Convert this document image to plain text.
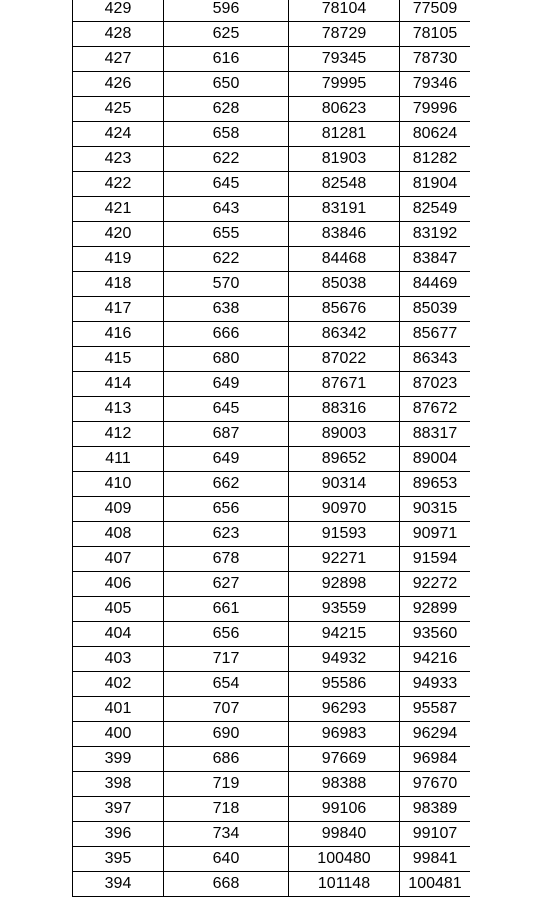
429	596	78104	77509
428	625	78729	78105
427	616	79345	78730
426	650	79995	79346
425	628	80623	79996
424	658	81281	80624
423	622	81903	81282
422	645	82548	81904
421	643	83191	82549
420	655	83846	83192
419	622	84468	83847
418	570	85038	84469
417	638	85676	85039
416	666	86342	85677
415	680	87022	86343
414	649	87671	87023
413	645	88316	87672
412	687	89003	88317
411	649	89652	89004
410	662	90314	89653
409	656	90970	90315
408	623	91593	90971
407	678	92271	91594
406	627	92898	92272
405	661	93559	92899
404	656	94215	93560
403	717	94932	94216
402	654	95586	94933
401	707	96293	95587
400	690	96983	96294
399	686	97669	96984
398	719	98388	97670
397	718	99106	98389
396	734	99840	99107
395	640	100480	99841
394	668	101148	100481
